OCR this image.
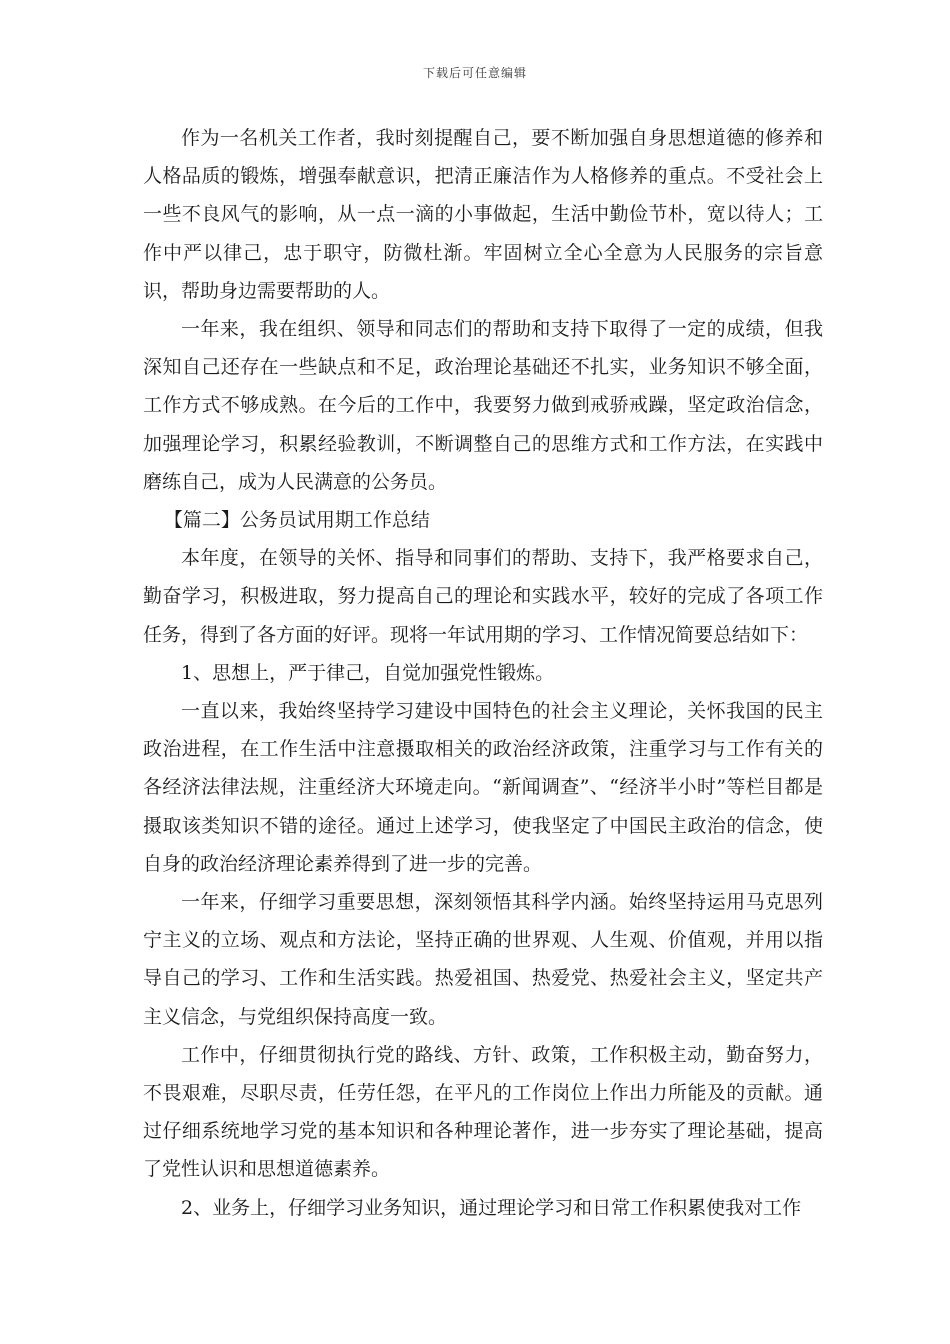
下载后可任意编辑

作为一名机关工作者，我时刻提醒自己，要不断加强自身思想道德的修养和人格品质的锻炼，增强奉献意识，把清正廉洁作为人格修养的重点。不受社会上一些不良风气的影响，从一点一滴的小事做起，生活中勤俭节朴，宽以待人；工作中严以律己，忠于职守，防微杜渐。牢固树立全心全意为人民服务的宗旨意识，帮助身边需要帮助的人。

一年来，我在组织、领导和同志们的帮助和支持下取得了一定的成绩，但我深知自己还存在一些缺点和不足，政治理论基础还不扎实，业务知识不够全面，工作方式不够成熟。在今后的工作中，我要努力做到戒骄戒躁，坚定政治信念，加强理论学习，积累经验教训，不断调整自己的思维方式和工作方法，在实践中磨练自己，成为人民满意的公务员。

【篇二】公务员试用期工作总结

本年度，在领导的关怀、指导和同事们的帮助、支持下，我严格要求自己，勤奋学习，积极进取，努力提高自己的理论和实践水平，较好的完成了各项工作任务，得到了各方面的好评。现将一年试用期的学习、工作情况简要总结如下：

1、思想上，严于律己，自觉加强党性锻炼。

一直以来，我始终坚持学习建设中国特色的社会主义理论，关怀我国的民主政治进程，在工作生活中注意摄取相关的政治经济政策，注重学习与工作有关的各经济法律法规，注重经济大环境走向。“新闻调查”、“经济半小时”等栏目都是摄取该类知识不错的途径。通过上述学习，使我坚定了中国民主政治的信念，使自身的政治经济理论素养得到了进一步的完善。

一年来，仔细学习重要思想，深刻领悟其科学内涵。始终坚持运用马克思列宁主义的立场、观点和方法论，坚持正确的世界观、人生观、价值观，并用以指导自己的学习、工作和生活实践。热爱祖国、热爱党、热爱社会主义，坚定共产主义信念，与党组织保持高度一致。

工作中，仔细贯彻执行党的路线、方针、政策，工作积极主动，勤奋努力，不畏艰难，尽职尽责，任劳任怨，在平凡的工作岗位上作出力所能及的贡献。通过仔细系统地学习党的基本知识和各种理论著作，进一步夯实了理论基础，提高了党性认识和思想道德素养。

2、业务上，仔细学习业务知识，通过理论学习和日常工作积累使我对工作
